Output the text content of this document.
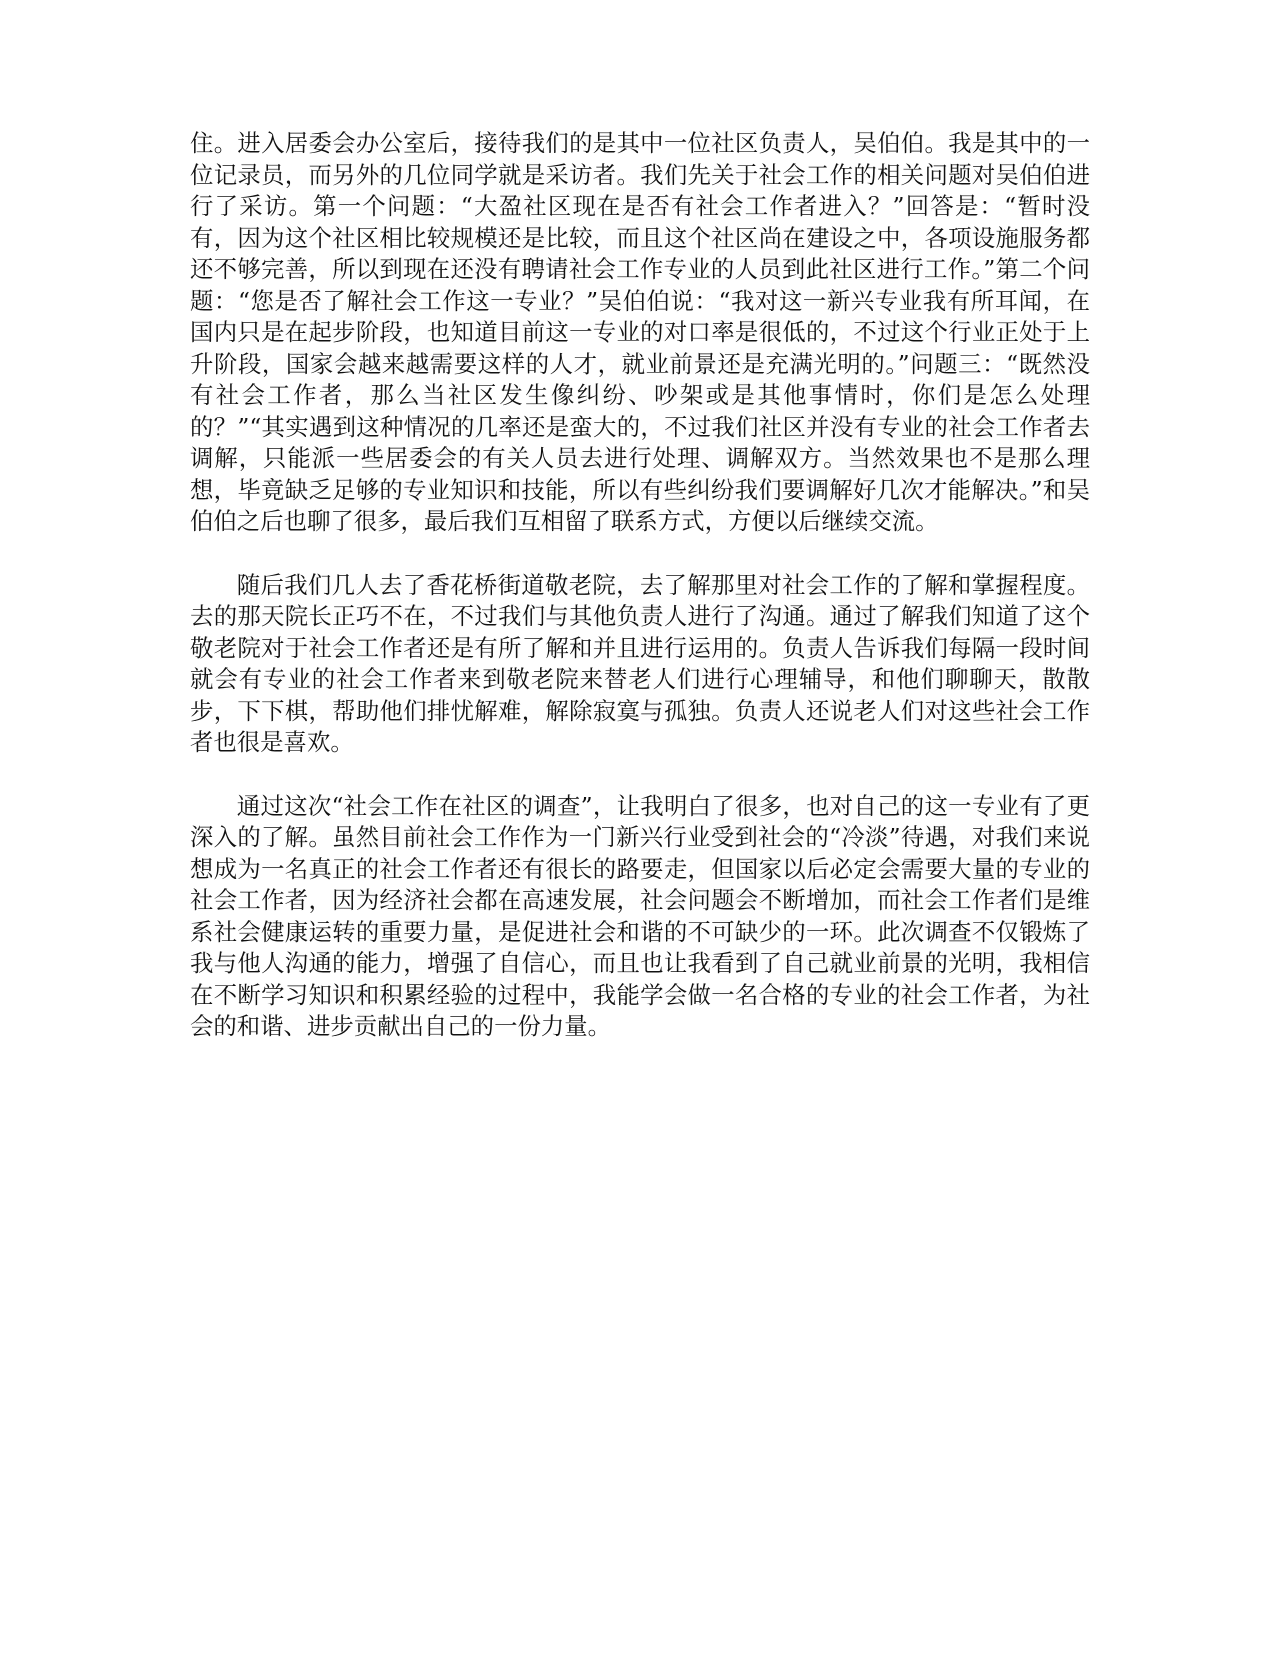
住。进入居委会办公室后，接待我们的是其中一位社区负责人，吴伯伯。我是其中的一位记录员，而另外的几位同学就是采访者。我们先关于社会工作的相关问题对吴伯伯进行了采访。第一个问题：“大盈社区现在是否有社会工作者进入？”回答是：“暂时没有，因为这个社区相比较规模还是比较，而且这个社区尚在建设之中，各项设施服务都还不够完善，所以到现在还没有聘请社会工作专业的人员到此社区进行工作。”第二个问题：“您是否了解社会工作这一专业？”吴伯伯说：“我对这一新兴专业我有所耳闻，在国内只是在起步阶段，也知道目前这一专业的对口率是很低的，不过这个行业正处于上升阶段，国家会越来越需要这样的人才，就业前景还是充满光明的。”问题三：“既然没有社会工作者，那么当社区发生像纠纷、吵架或是其他事情时，你们是怎么处理的？”“其实遇到这种情况的几率还是蛮大的，不过我们社区并没有专业的社会工作者去调解，只能派一些居委会的有关人员去进行处理、调解双方。当然效果也不是那么理想，毕竟缺乏足够的专业知识和技能，所以有些纠纷我们要调解好几次才能解决。”和吴伯伯之后也聊了很多，最后我们互相留了联系方式，方便以后继续交流。

随后我们几人去了香花桥街道敬老院，去了解那里对社会工作的了解和掌握程度。去的那天院长正巧不在，不过我们与其他负责人进行了沟通。通过了解我们知道了这个敬老院对于社会工作者还是有所了解和并且进行运用的。负责人告诉我们每隔一段时间就会有专业的社会工作者来到敬老院来替老人们进行心理辅导，和他们聊聊天，散散步，下下棋，帮助他们排忧解难，解除寂寞与孤独。负责人还说老人们对这些社会工作者也很是喜欢。

通过这次“社会工作在社区的调查”，让我明白了很多，也对自己的这一专业有了更深入的了解。虽然目前社会工作作为一门新兴行业受到社会的“冷淡”待遇，对我们来说想成为一名真正的社会工作者还有很长的路要走，但国家以后必定会需要大量的专业的社会工作者，因为经济社会都在高速发展，社会问题会不断增加，而社会工作者们是维系社会健康运转的重要力量，是促进社会和谐的不可缺少的一环。此次调查不仅锻炼了我与他人沟通的能力，增强了自信心，而且也让我看到了自己就业前景的光明，我相信在不断学习知识和积累经验的过程中，我能学会做一名合格的专业的社会工作者，为社会的和谐、进步贡献出自己的一份力量。
